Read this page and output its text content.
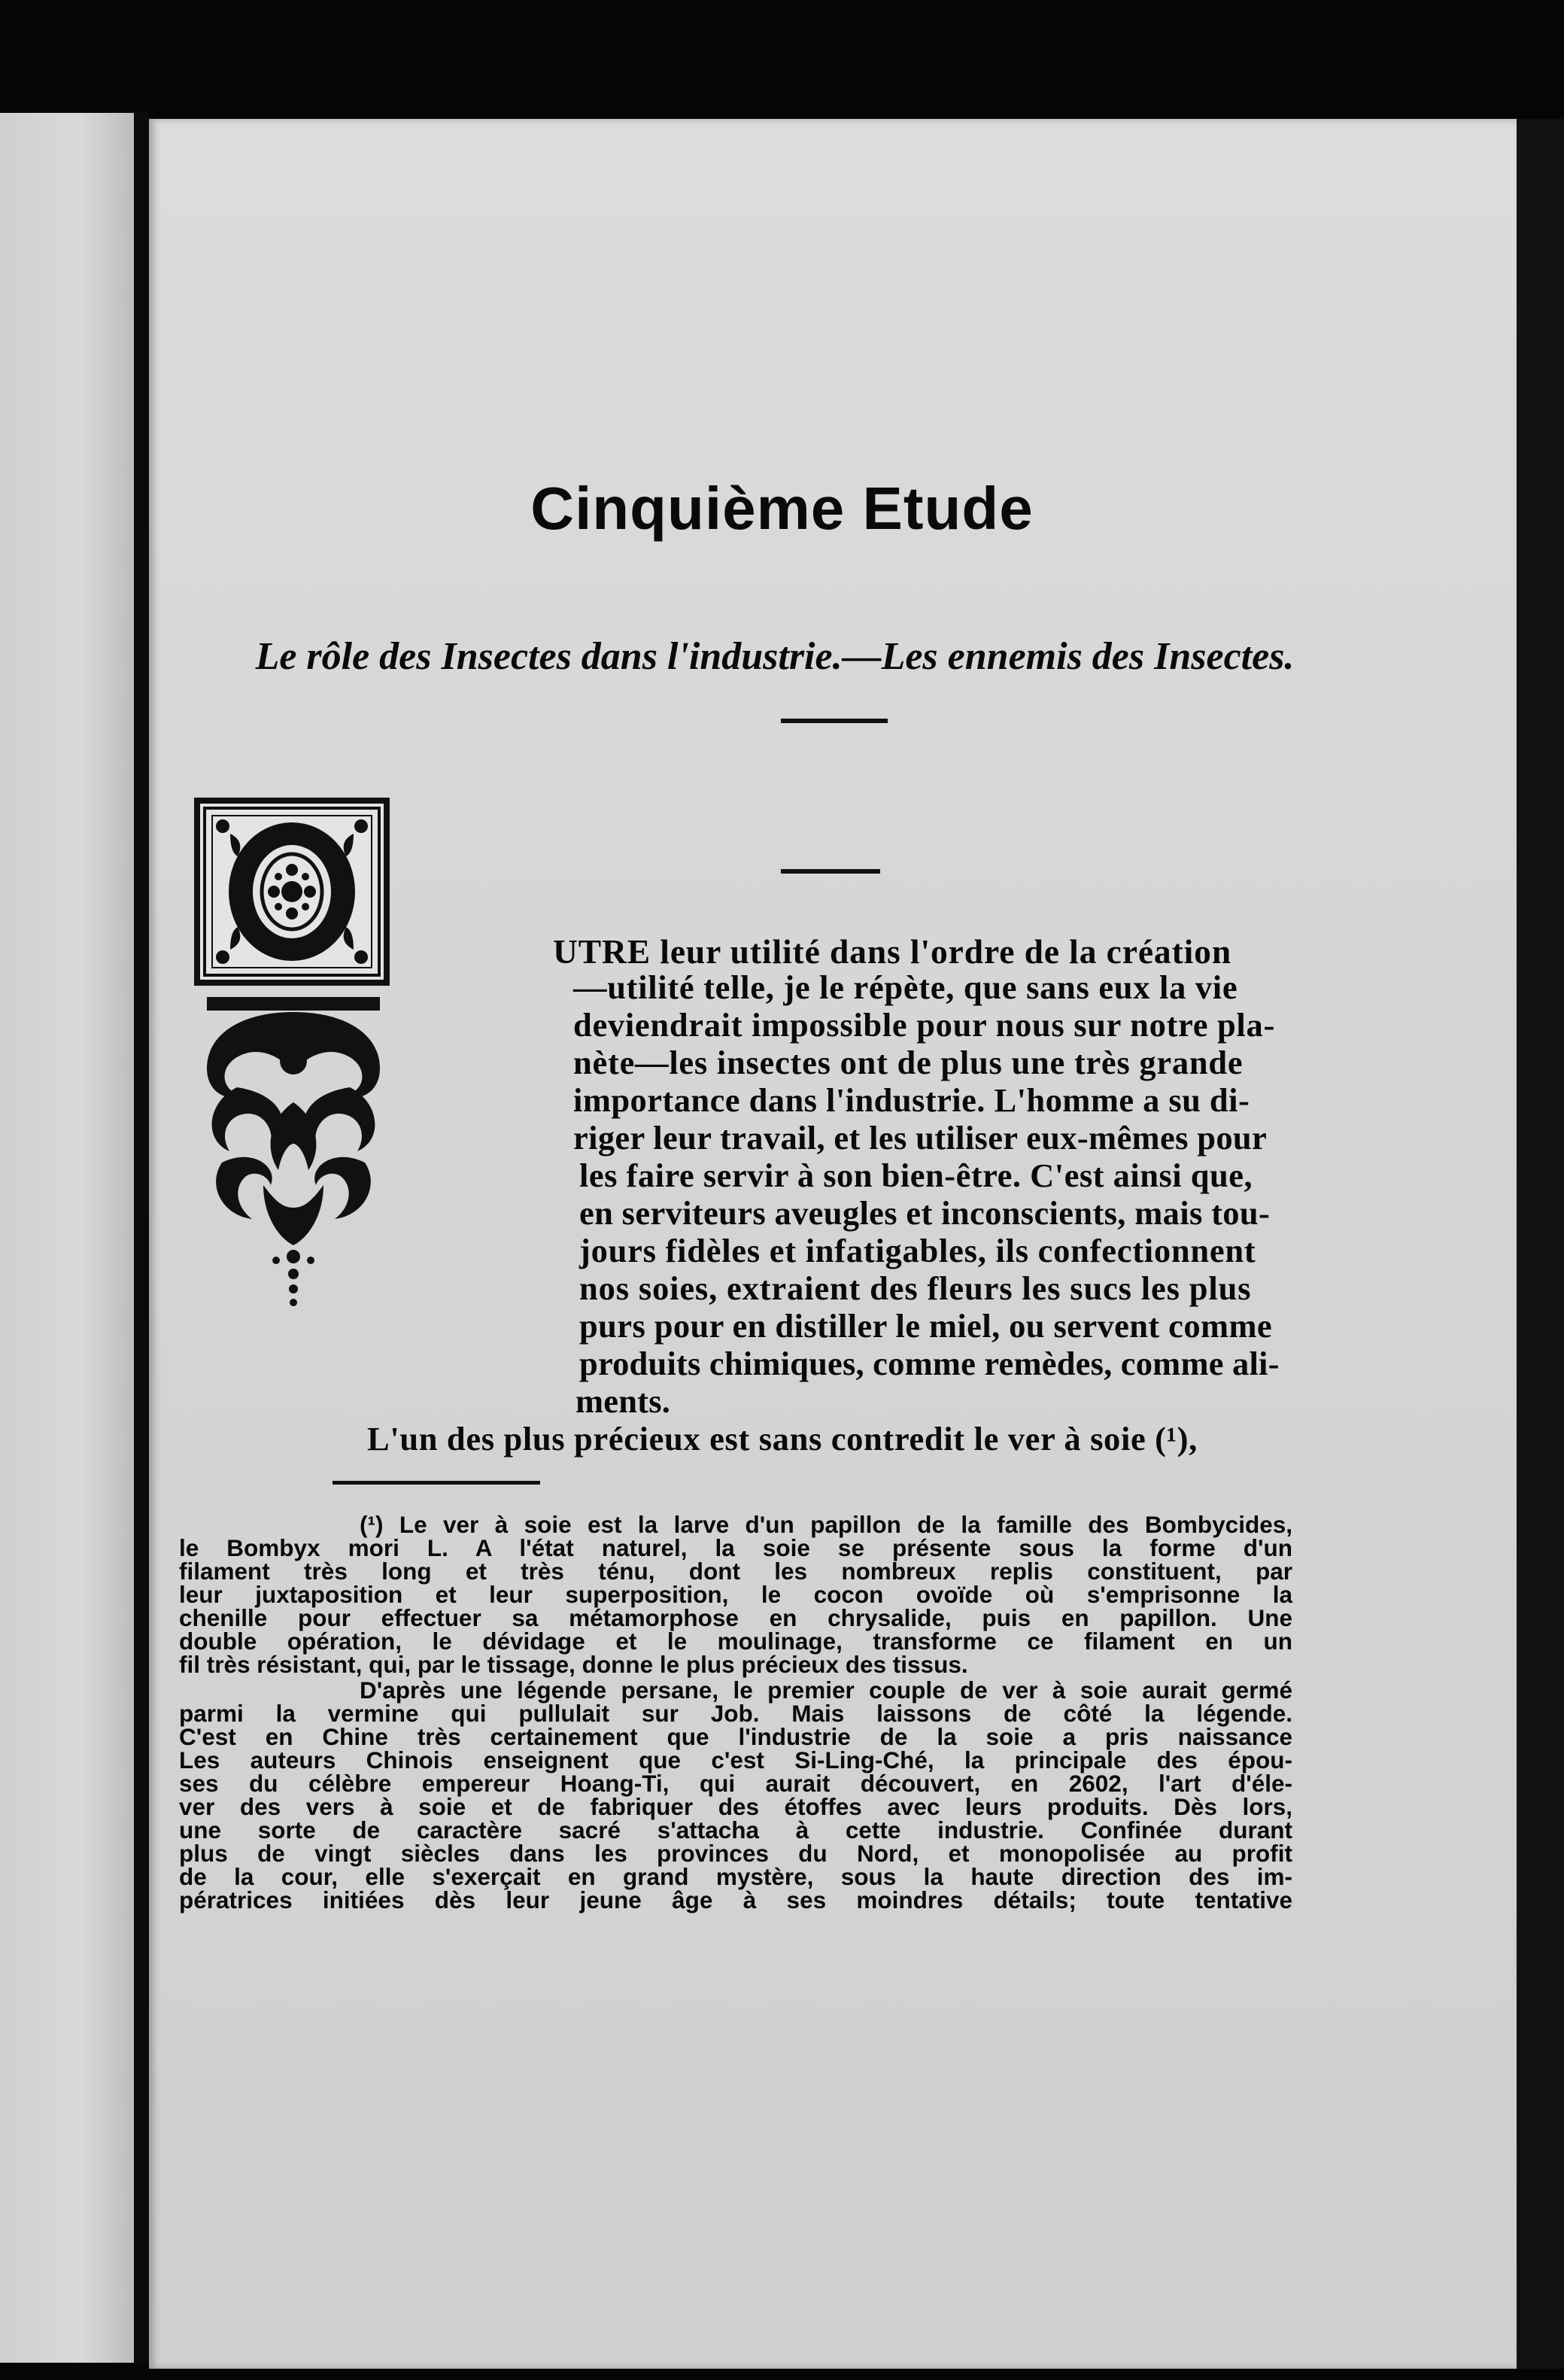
Cinquième Etude
Le rôle des Insectes dans l'industrie.—Les ennemis des Insectes.
UTRE leur utilité dans l'ordre de la création
—utilité telle, je le répète, que sans eux la vie
deviendrait impossible pour nous sur notre pla-
nète—les insectes ont de plus une très grande
importance dans l'industrie. L'homme a su di-
riger leur travail, et les utiliser eux-mêmes pour
les faire servir à son bien-être. C'est ainsi que,
en serviteurs aveugles et inconscients, mais tou-
jours fidèles et infatigables, ils confectionnent
nos soies, extraient des fleurs les sucs les plus
purs pour en distiller le miel, ou servent comme
produits chimiques, comme remèdes, comme ali-
ments.
L'un des plus précieux est sans contredit le ver à soie (¹),
(¹) Le ver à soie est la larve d'un papillon de la famille des Bombycides,
le Bombyx mori L. A l'état naturel, la soie se présente sous la forme d'un
filament très long et très ténu, dont les nombreux replis constituent, par
leur juxtaposition et leur superposition, le cocon ovoïde où s'emprisonne la
chenille pour effectuer sa métamorphose en chrysalide, puis en papillon. Une
double opération, le dévidage et le moulinage, transforme ce filament en un
fil très résistant, qui, par le tissage, donne le plus précieux des tissus.
D'après une légende persane, le premier couple de ver à soie aurait germé
parmi la vermine qui pullulait sur Job. Mais laissons de côté la légende.
C'est en Chine très certainement que l'industrie de la soie a pris naissance
Les auteurs Chinois enseignent que c'est Si-Ling-Ché, la principale des épou-
ses du célèbre empereur Hoang-Ti, qui aurait découvert, en 2602, l'art d'éle-
ver des vers à soie et de fabriquer des étoffes avec leurs produits. Dès lors,
une sorte de caractère sacré s'attacha à cette industrie. Confinée durant
plus de vingt siècles dans les provinces du Nord, et monopolisée au profit
de la cour, elle s'exerçait en grand mystère, sous la haute direction des im-
pératrices initiées dès leur jeune âge à ses moindres détails; toute tentative
